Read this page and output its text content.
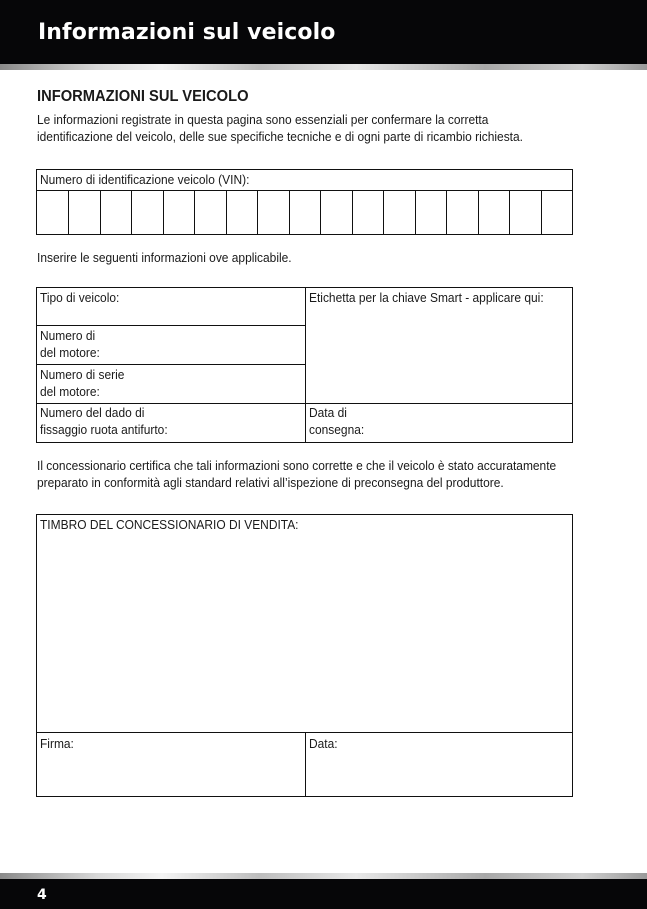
Informazioni sul veicolo
INFORMAZIONI SUL VEICOLO
Le informazioni registrate in questa pagina sono essenziali per confermare la corretta
identificazione del veicolo, delle sue specifiche tecniche e di ogni parte di ricambio richiesta.
Numero di identificazione veicolo (VIN):
Inserire le seguenti informazioni ove applicabile.
Tipo di veicolo:
Numero di
del motore:
Numero di serie
del motore:
Numero del dado di
fissaggio ruota antifurto:
Etichetta per la chiave Smart - applicare qui:
Data di
consegna:
Il concessionario certifica che tali informazioni sono corrette e che il veicolo è stato accuratamente
preparato in conformità agli standard relativi all’ispezione di preconsegna del produttore.
TIMBRO DEL CONCESSIONARIO DI VENDITA:
Firma:	Data:
4
